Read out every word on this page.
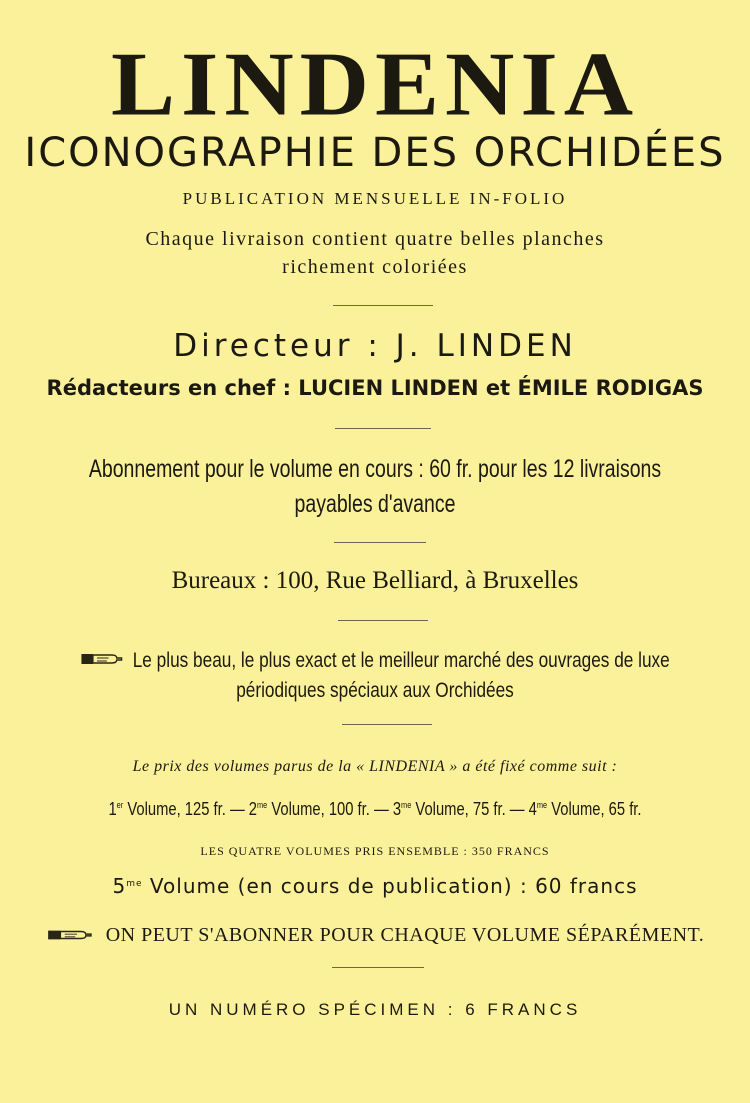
LINDENIA
ICONOGRAPHIE DES ORCHIDÉES
PUBLICATION MENSUELLE IN-FOLIO
Chaque livraison contient quatre belles planches
richement coloriées
Directeur : J. LINDEN
Rédacteurs en chef : LUCIEN LINDEN et ÉMILE RODIGAS
Abonnement pour le volume en cours : 60 fr. pour les 12 livraisons
payables d'avance
Bureaux : 100, Rue Belliard, à Bruxelles
Le plus beau, le plus exact et le meilleur marché des ouvrages de luxe
périodiques spéciaux aux Orchidées
Le prix des volumes parus de la « LINDENIA » a été fixé comme suit :
1er Volume, 125 fr. — $2^{me}$ Volume, 100 fr. — $3^{me}$ Volume, 75 fr. — $4^{me}$ Volume, 65 fr.
LES QUATRE VOLUMES PRIS ENSEMBLE : 350 FRANCS
$5^{me}$ Volume (en cours de publication) : 60 francs
ON PEUT S'ABONNER POUR CHAQUE VOLUME SÉPARÉMENT.
UN NUMÉRO SPÉCIMEN : 6 FRANCS
